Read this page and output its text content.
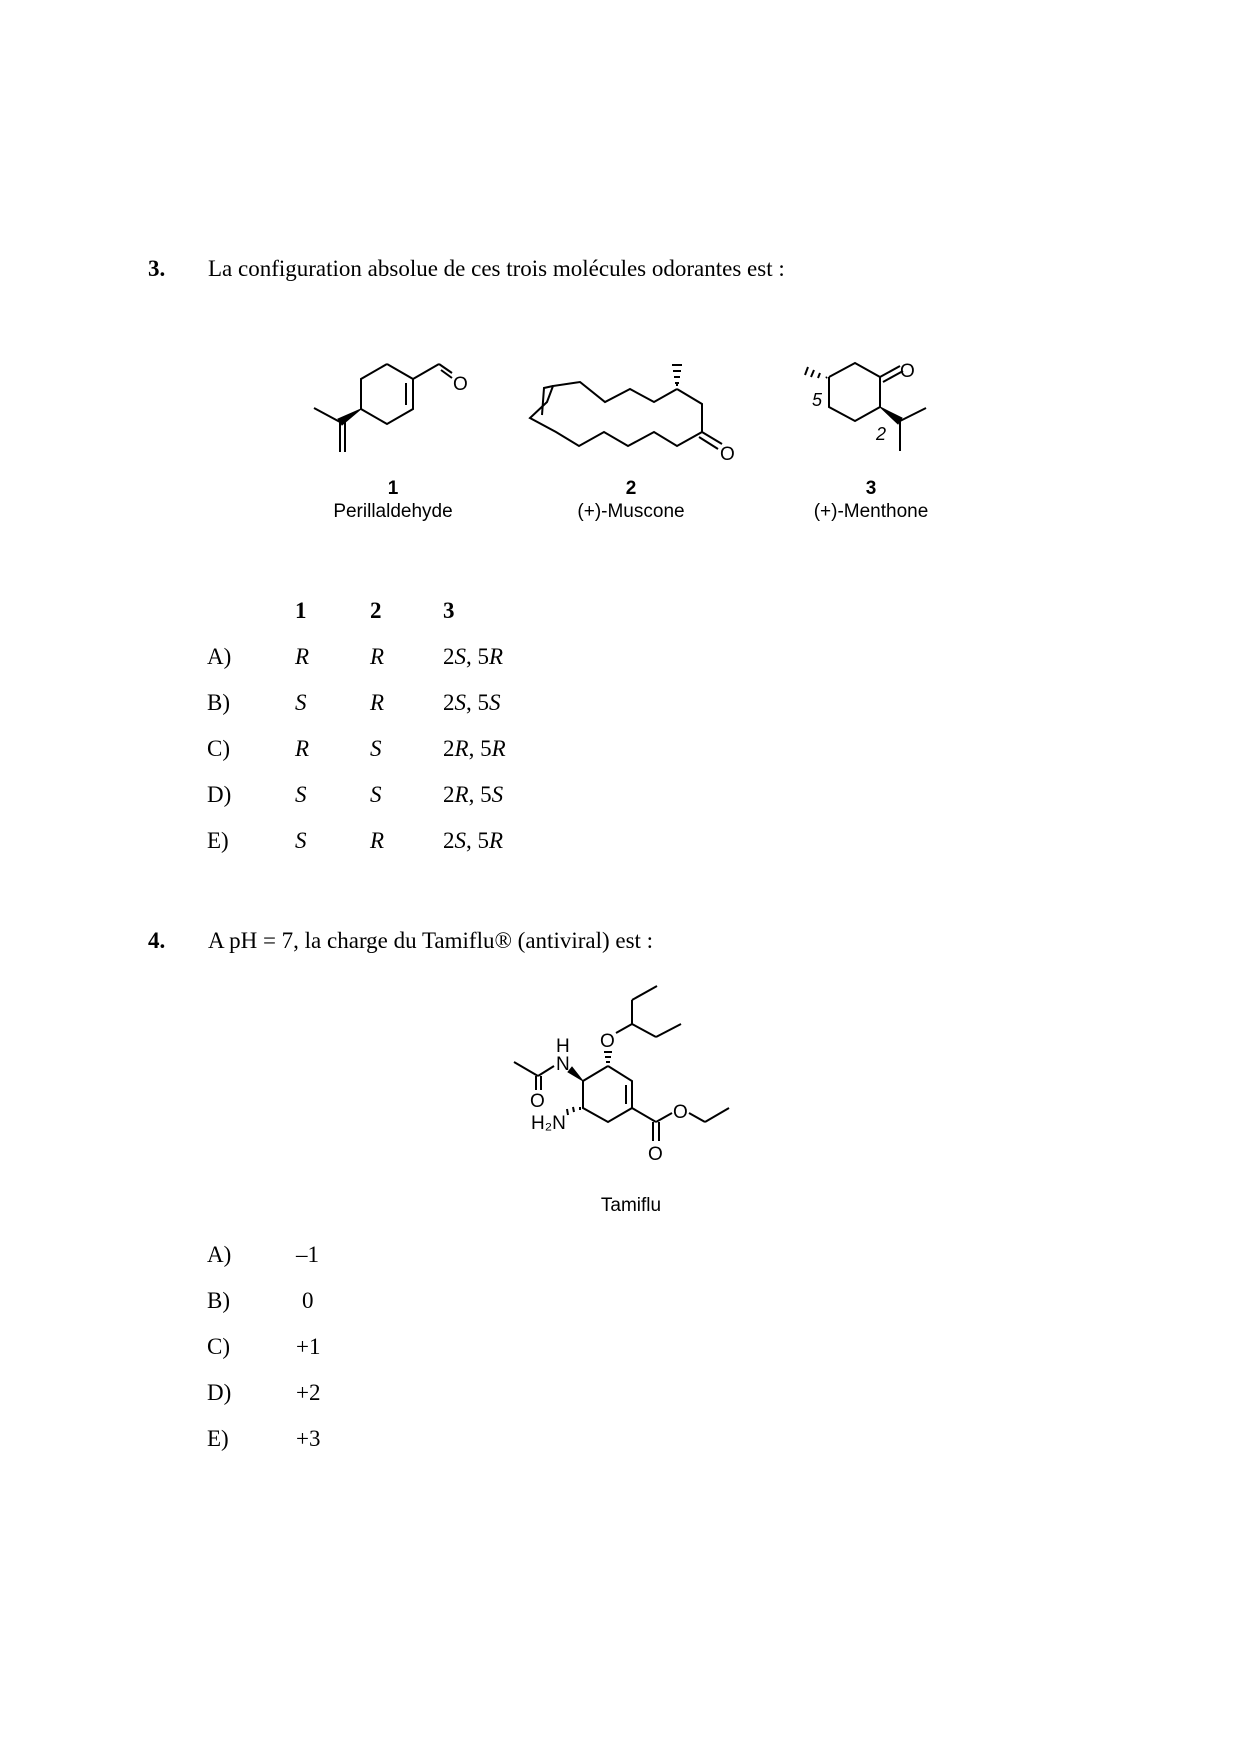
3. La configuration absolue de ces trois molécules odorantes est :
O
O
O
5
2
1
Perillaldehyde
2
(+)-Muscone
3
(+)-Menthone
1	2	3
A)	R	R	2S, 5R
B)	S	R	2S, 5S
C)	R	S	2R, 5R
D)	S	S	2R, 5S
E)	S	R	2S, 5R
4. A pH = 7, la charge du Tamiflu® (antiviral) est :
O
N
H
O
H₂N
O
O
Tamiflu
A)	–1
B)	0
C)	+1
D)	+2
E)	+3
